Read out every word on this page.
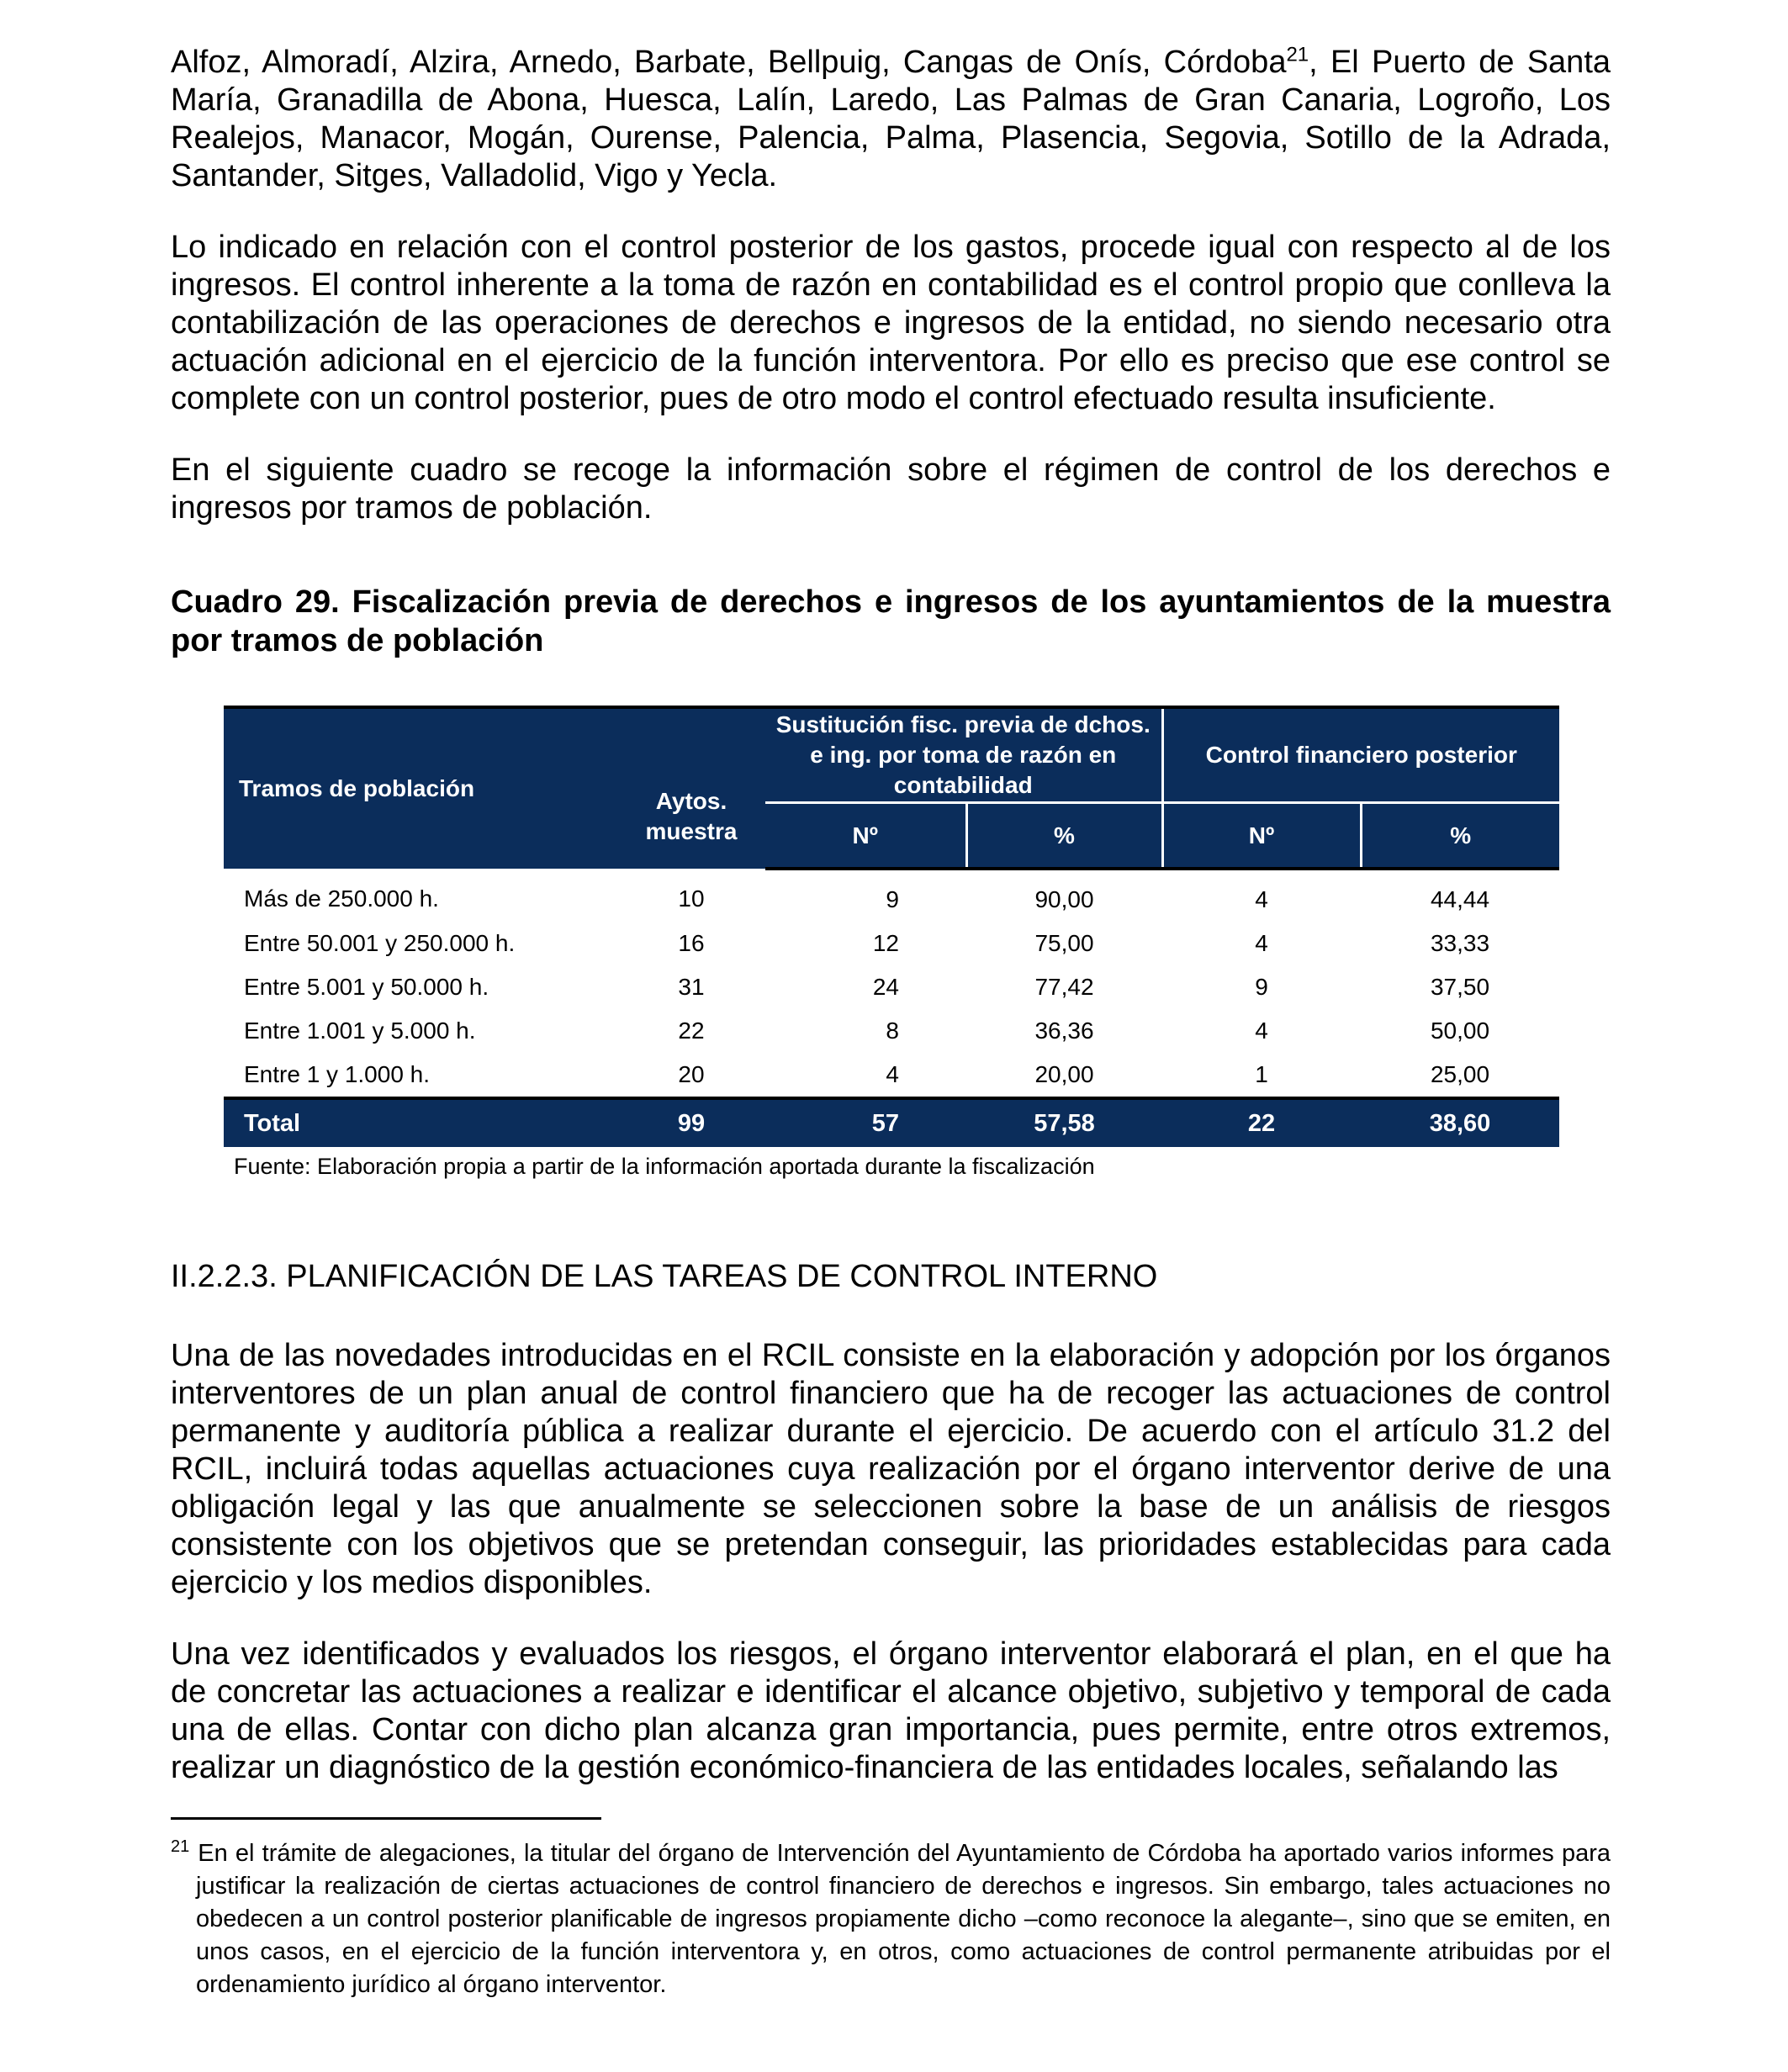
Alfoz, Almoradí, Alzira, Arnedo, Barbate, Bellpuig, Cangas de Onís, Córdoba$^{21}$, El Puerto de Santa María, Granadilla de Abona, Huesca, Lalín, Laredo, Las Palmas de Gran Canaria, Logroño, Los Realejos, Manacor, Mogán, Ourense, Palencia, Palma, Plasencia, Segovia, Sotillo de la Adrada, Santander, Sitges, Valladolid, Vigo y Yecla.

Lo indicado en relación con el control posterior de los gastos, procede igual con respecto al de los ingresos. El control inherente a la toma de razón en contabilidad es el control propio que conlleva la contabilización de las operaciones de derechos e ingresos de la entidad, no siendo necesario otra actuación adicional en el ejercicio de la función interventora. Por ello es preciso que ese control se complete con un control posterior, pues de otro modo el control efectuado resulta insuficiente.

En el siguiente cuadro se recoge la información sobre el régimen de control de los derechos e ingresos por tramos de población.

Cuadro 29. Fiscalización previa de derechos e ingresos de los ayuntamientos de la muestra por tramos de población
Tramos de población	Aytos. muestra	Sustitución fisc. previa de dchos. e ing. por toma de razón en contabilidad		Control financiero posterior	
		Nº	%	Nº	%
Más de 250.000 h.	10	9	90,00	4	44,44
Entre 50.001 y 250.000 h.	16	12	75,00	4	33,33
Entre 5.001 y 50.000 h.	31	24	77,42	9	37,50
Entre 1.001 y 5.000 h.	22	8	36,36	4	50,00
Entre 1 y 1.000 h.	20	4	20,00	1	25,00
Total	99	57	57,58	22	38,60
Fuente: Elaboración propia a partir de la información aportada durante la fiscalización
II.2.2.3. PLANIFICACIÓN DE LAS TAREAS DE CONTROL INTERNO

Una de las novedades introducidas en el RCIL consiste en la elaboración y adopción por los órganos interventores de un plan anual de control financiero que ha de recoger las actuaciones de control permanente y auditoría pública a realizar durante el ejercicio. De acuerdo con el artículo 31.2 del RCIL, incluirá todas aquellas actuaciones cuya realización por el órgano interventor derive de una obligación legal y las que anualmente se seleccionen sobre la base de un análisis de riesgos consistente con los objetivos que se pretendan conseguir, las prioridades establecidas para cada ejercicio y los medios disponibles.

Una vez identificados y evaluados los riesgos, el órgano interventor elaborará el plan, en el que ha de concretar las actuaciones a realizar e identificar el alcance objetivo, subjetivo y temporal de cada una de ellas. Contar con dicho plan alcanza gran importancia, pues permite, entre otros extremos, realizar un diagnóstico de la gestión económico-financiera de las entidades locales, señalando las

$^{21}$ En el trámite de alegaciones, la titular del órgano de Intervención del Ayuntamiento de Córdoba ha aportado varios informes para justificar la realización de ciertas actuaciones de control financiero de derechos e ingresos. Sin embargo, tales actuaciones no obedecen a un control posterior planificable de ingresos propiamente dicho ‒como reconoce la alegante‒, sino que se emiten, en unos casos, en el ejercicio de la función interventora y, en otros, como actuaciones de control permanente atribuidas por el ordenamiento jurídico al órgano interventor.
